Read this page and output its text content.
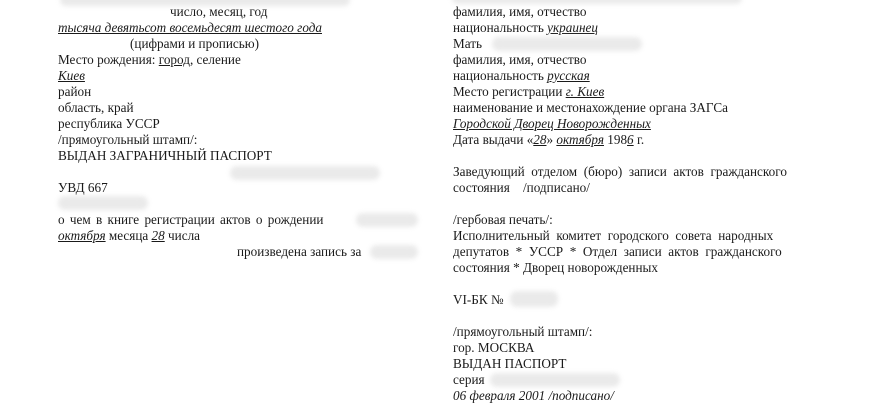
число, месяц, год
тысяча девятьсот восемьдесят шестого года
(цифрами и прописью)
Место рождения: город, селение
Киев
район
область, край
республика УССР
/прямоугольный штамп/:
ВЫДАН ЗАГРАНИЧНЫЙ ПАСПОРТ
УВД 667
о чем в книге регистрации актов о рождении
октября месяца 28 числа
произведена запись за
фамилия, имя, отчество
национальность украинец
Мать
фамилия, имя, отчество
национальность русская
Место регистрации г. Киев
наименование и местонахождение органа ЗАГСа
Городской Дворец Новорожденных
Дата выдачи «28» октября 1986 г.
Заведующий  отделом  (бюро)  записи  актов  гражданского
состояния    /подписано/
/гербовая печать/:
Исполнительный  комитет  городского  совета  народных
депутатов  *  УССР  *  Отдел  записи  актов  гражданского
состояния * Дворец новорожденных
VI-БК №
/прямоугольный штамп/:
гор. МОСКВА
ВЫДАН ПАСПОРТ
серия
06 февраля 2001 /подписано/
